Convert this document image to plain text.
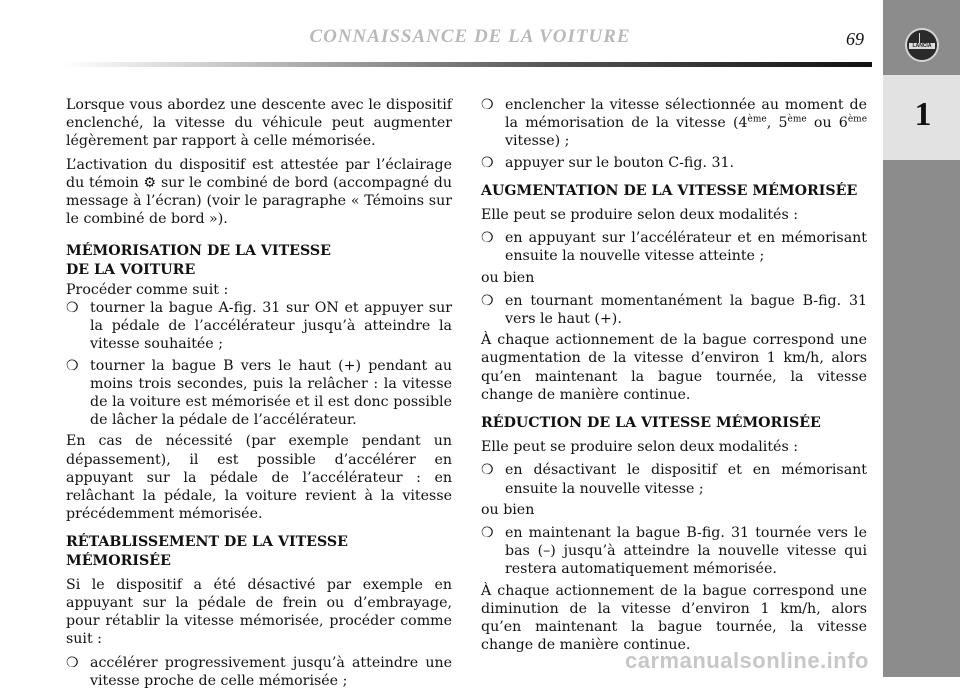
CONNAISSANCE DE LA VOITURE	69	LANCIA
1

Lorsque vous abordez une descente avec le dispositif enclenché, la vitesse du véhicule peut augmenter légèrement par rapport à celle mémorisée.

L’activation du dispositif est attestée par l’éclairage du témoin ⚙ sur le combiné de bord (accompagné du message à l’écran) (voir le paragraphe « Témoins sur le combiné de bord »).

MÉMORISATION DE LA VITESSE
DE LA VOITURE

Procéder comme suit :

❍ tourner la bague A-fig. 31 sur ON et appuyer sur la pédale de l’accélérateur jusqu’à atteindre la vitesse souhaitée ;
❍ tourner la bague B vers le haut (+) pendant au moins trois secondes, puis la relâcher : la vitesse de la voiture est mémorisée et il est donc possible de lâcher la pédale de l’accélérateur.

En cas de nécessité (par exemple pendant un dépassement), il est possible d’accélérer en appuyant sur la pédale de l’accélérateur : en relâchant la pédale, la voiture revient à la vitesse précédemment mémorisée.

RÉTABLISSEMENT DE LA VITESSE MÉMORISÉE

Si le dispositif a été désactivé par exemple en appuyant sur la pédale de frein ou d’embrayage, pour rétablir la vitesse mémorisée, procéder comme suit :

❍ accélérer progressivement jusqu’à atteindre une vitesse proche de celle mémorisée ;
❍ enclencher la vitesse sélectionnée au moment de la mémorisation de la vitesse (4ème, 5ème ou 6ème vitesse) ;
❍ appuyer sur le bouton C-fig. 31.
AUGMENTATION DE LA VITESSE MÉMORISÉE

Elle peut se produire selon deux modalités :

❍ en appuyant sur l’accélérateur et en mémorisant ensuite la nouvelle vitesse atteinte ;

ou bien

❍ en tournant momentanément la bague B-fig. 31 vers le haut (+).

À chaque actionnement de la bague correspond une augmentation de la vitesse d’environ 1 km/h, alors qu’en maintenant la bague tournée, la vitesse change de manière continue.

RÉDUCTION DE LA VITESSE MÉMORISÉE

Elle peut se produire selon deux modalités :

❍ en désactivant le dispositif et en mémorisant ensuite la nouvelle vitesse ;

ou bien

❍ en maintenant la bague B-fig. 31 tournée vers le bas (–) jusqu’à atteindre la nouvelle vitesse qui restera automatiquement mémorisée.

À chaque actionnement de la bague correspond une diminution de la vitesse d’environ 1 km/h, alors qu’en maintenant la bague tournée, la vitesse change de manière continue.

carmanualsonline.info
